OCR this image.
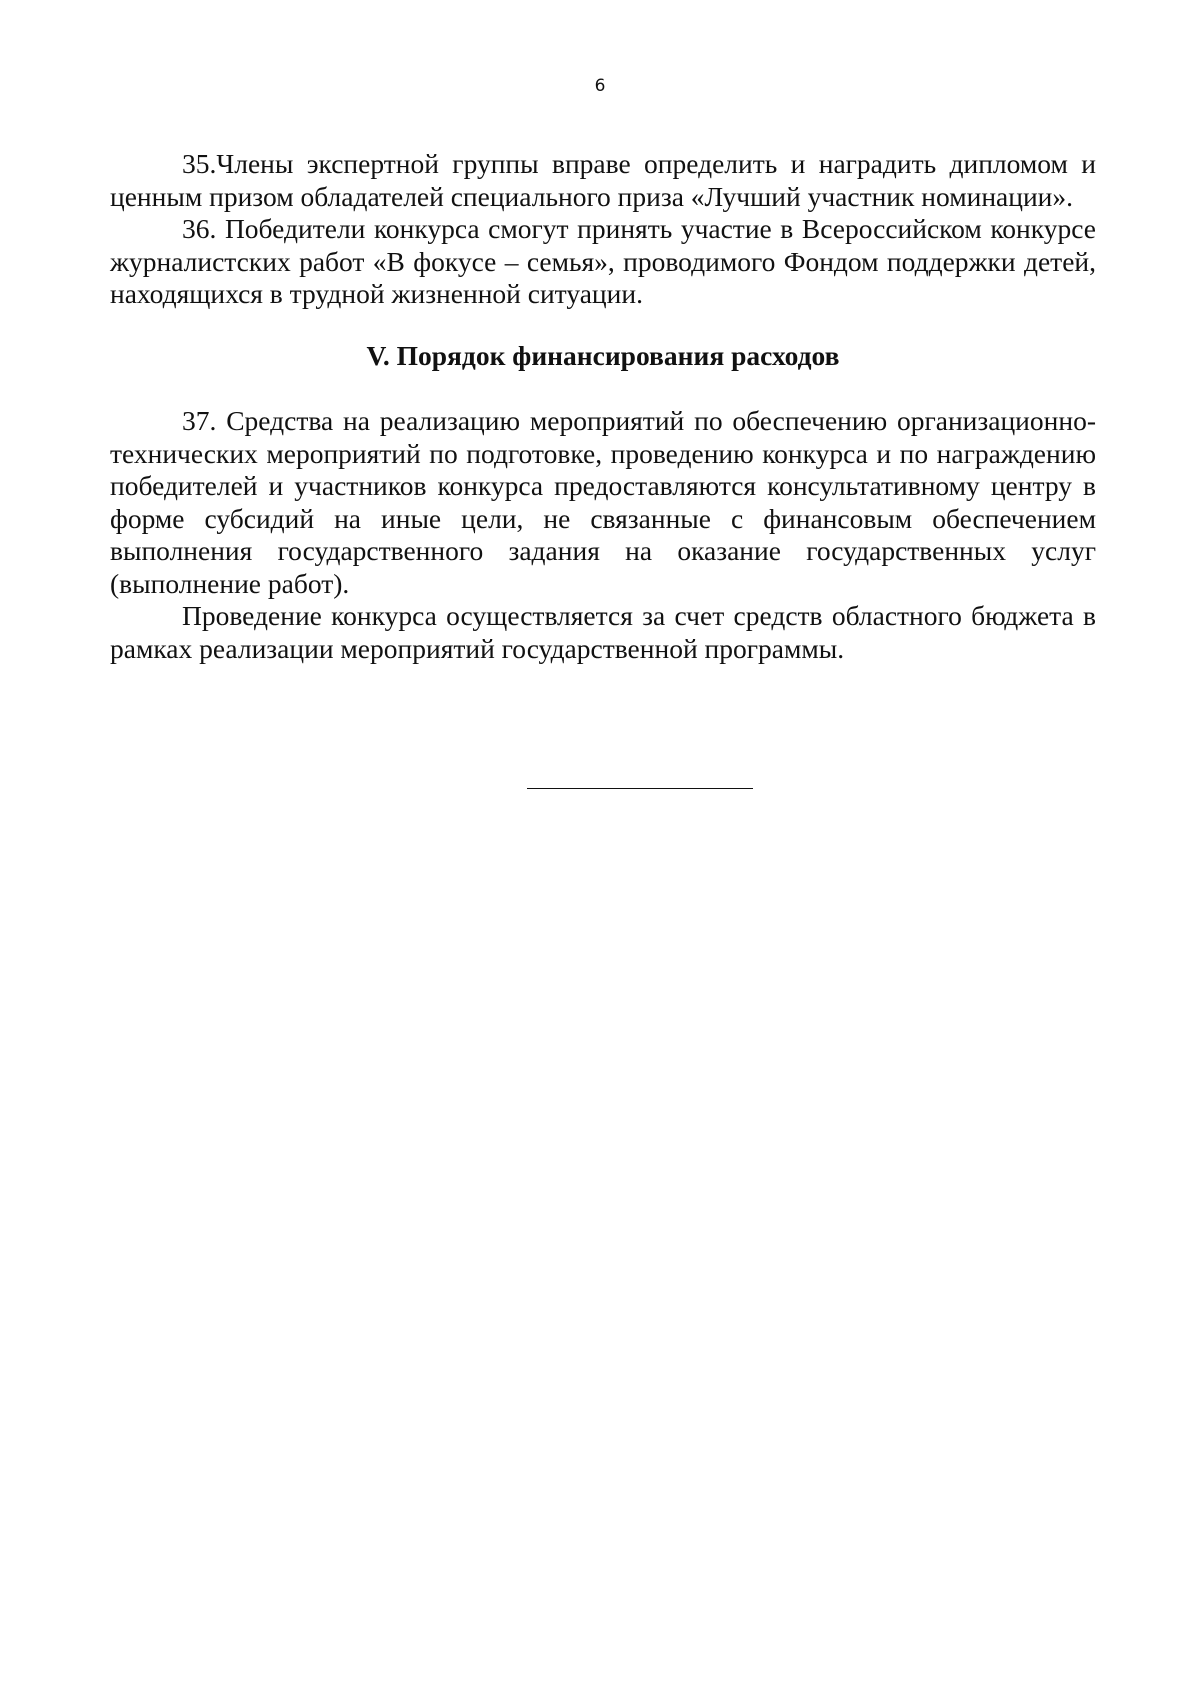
6

35.Члены экспертной группы вправе определить и наградить дипломом и ценным призом обладателей специального приза «Лучший участник номинации».

36. Победители конкурса смогут принять участие в Всероссийском конкурсе журналистских работ «В фокусе – семья», проводимого Фондом поддержки детей, находящихся в трудной жизненной ситуации.

V. Порядок финансирования расходов

37. Средства на реализацию мероприятий по обеспечению организационно-технических мероприятий по подготовке, проведению конкурса и по награждению победителей и участников конкурса предоставляются консультативному центру в форме субсидий на иные цели, не связанные с финансовым обеспечением выполнения государственного задания на оказание государственных услуг (выполнение работ).

Проведение конкурса осуществляется за счет средств областного бюджета в рамках реализации мероприятий государственной программы.
